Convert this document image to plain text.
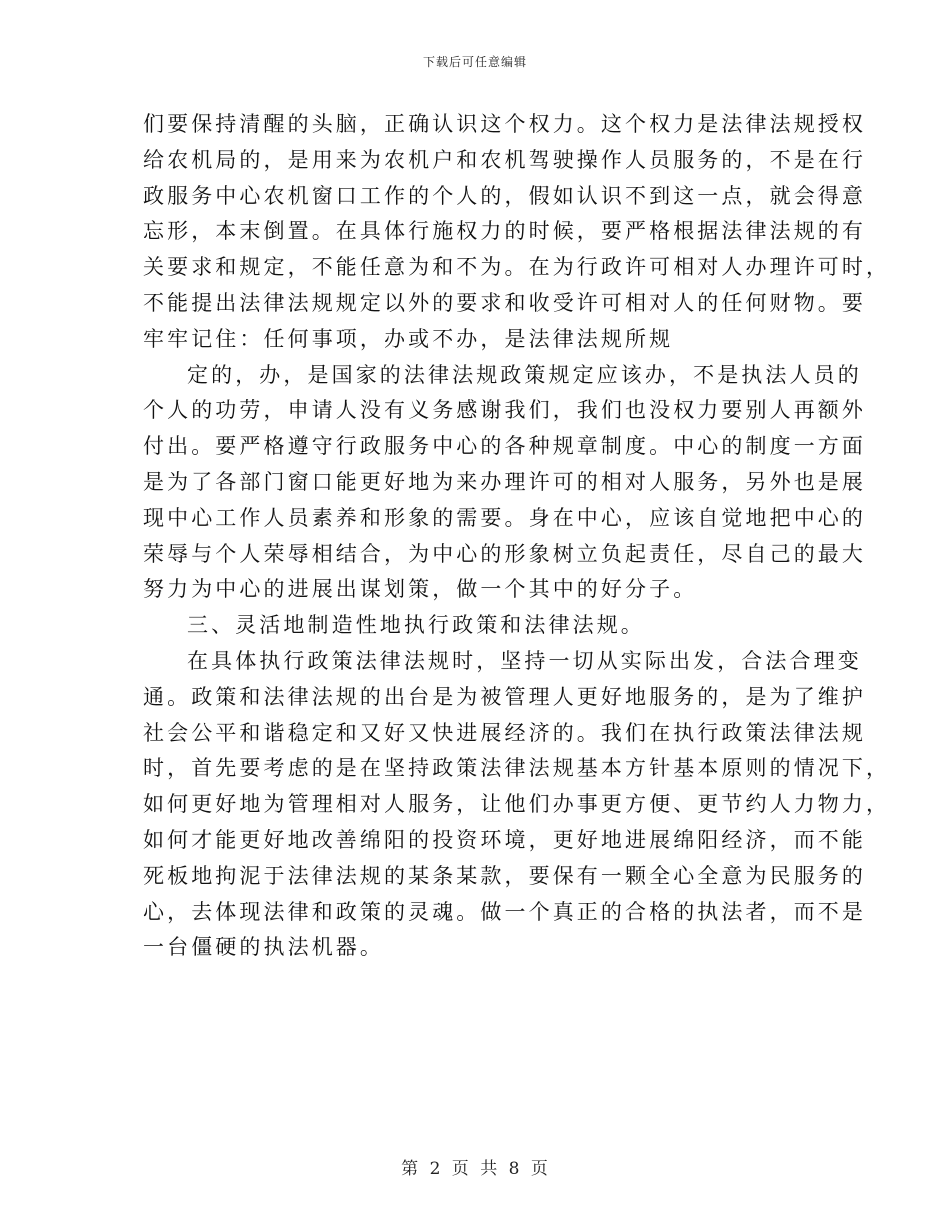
下载后可任意编辑
们要保持清醒的头脑，正确认识这个权力。这个权力是法律法规授权
给农机局的，是用来为农机户和农机驾驶操作人员服务的，不是在行
政服务中心农机窗口工作的个人的，假如认识不到这一点，就会得意
忘形，本末倒置。在具体行施权力的时候，要严格根据法律法规的有
关要求和规定，不能任意为和不为。在为行政许可相对人办理许可时，
不能提出法律法规规定以外的要求和收受许可相对人的任何财物。要
牢牢记住：任何事项，办或不办，是法律法规所规
定的，办，是国家的法律法规政策规定应该办，不是执法人员的
个人的功劳，申请人没有义务感谢我们，我们也没权力要别人再额外
付出。要严格遵守行政服务中心的各种规章制度。中心的制度一方面
是为了各部门窗口能更好地为来办理许可的相对人服务，另外也是展
现中心工作人员素养和形象的需要。身在中心，应该自觉地把中心的
荣辱与个人荣辱相结合，为中心的形象树立负起责任，尽自己的最大
努力为中心的进展出谋划策，做一个其中的好分子。
三、灵活地制造性地执行政策和法律法规。
在具体执行政策法律法规时，坚持一切从实际出发，合法合理变
通。政策和法律法规的出台是为被管理人更好地服务的，是为了维护
社会公平和谐稳定和又好又快进展经济的。我们在执行政策法律法规
时，首先要考虑的是在坚持政策法律法规基本方针基本原则的情况下，
如何更好地为管理相对人服务，让他们办事更方便、更节约人力物力，
如何才能更好地改善绵阳的投资环境，更好地进展绵阳经济，而不能
死板地拘泥于法律法规的某条某款，要保有一颗全心全意为民服务的
心，去体现法律和政策的灵魂。做一个真正的合格的执法者，而不是
一台僵硬的执法机器。
第 2 页 共 8 页
